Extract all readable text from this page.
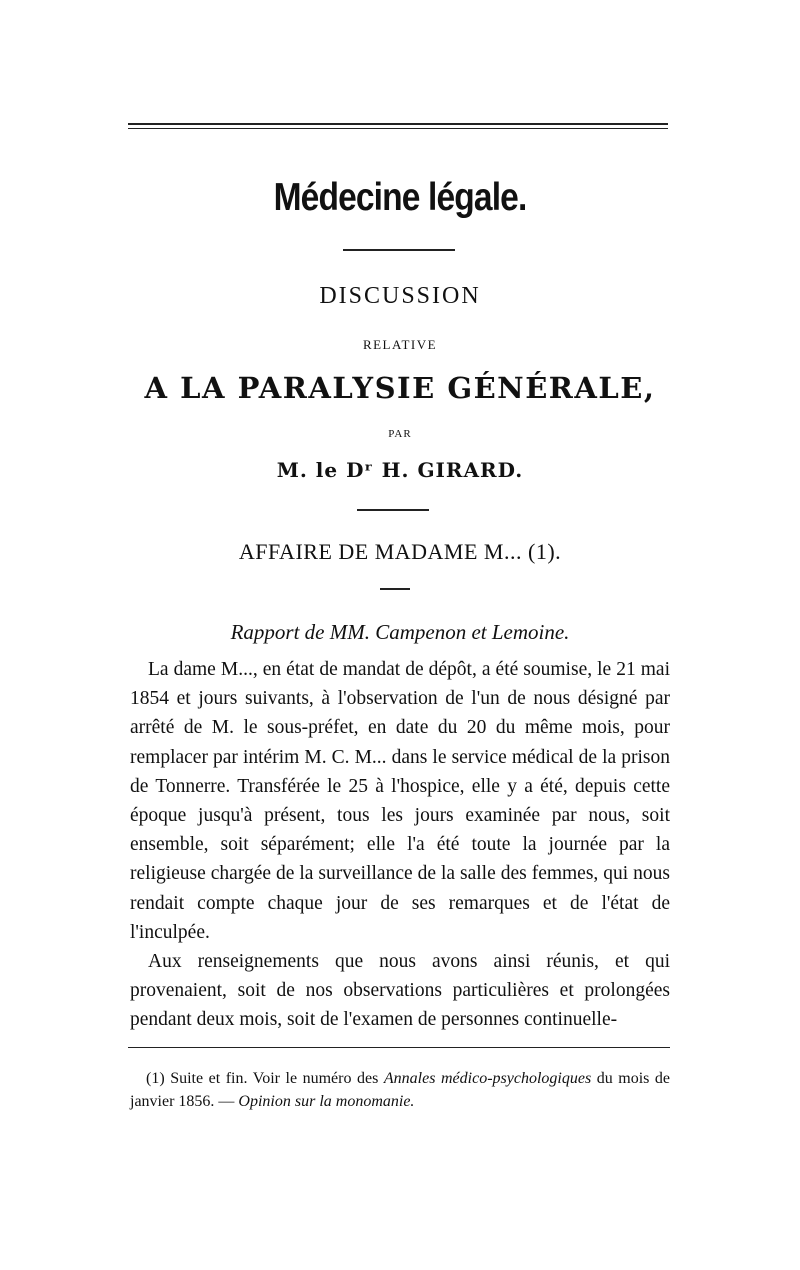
Médecine légale.
DISCUSSION
RELATIVE
A LA PARALYSIE GÉNÉRALE,
PAR
M. le Dʳ H. GIRARD.
AFFAIRE DE MADAME M... (1).
Rapport de MM. Campenon et Lemoine.

La dame M..., en état de mandat de dépôt, a été soumise, le 21 mai 1854 et jours suivants, à l'observation de l'un de nous désigné par arrêté de M. le sous-préfet, en date du 20 du même mois, pour remplacer par intérim M. C. M... dans le service médical de la prison de Tonnerre. Transférée le 25 à l'hospice, elle y a été, depuis cette époque jusqu'à présent, tous les jours examinée par nous, soit ensemble, soit séparément; elle l'a été toute la journée par la religieuse chargée de la surveillance de la salle des femmes, qui nous rendait compte chaque jour de ses remarques et de l'état de l'inculpée.

Aux renseignements que nous avons ainsi réunis, et qui provenaient, soit de nos observations particulières et prolongées pendant deux mois, soit de l'examen de personnes continuelle-

(1) Suite et fin. Voir le numéro des Annales médico-psychologiques du mois de janvier 1856. — Opinion sur la monomanie.
